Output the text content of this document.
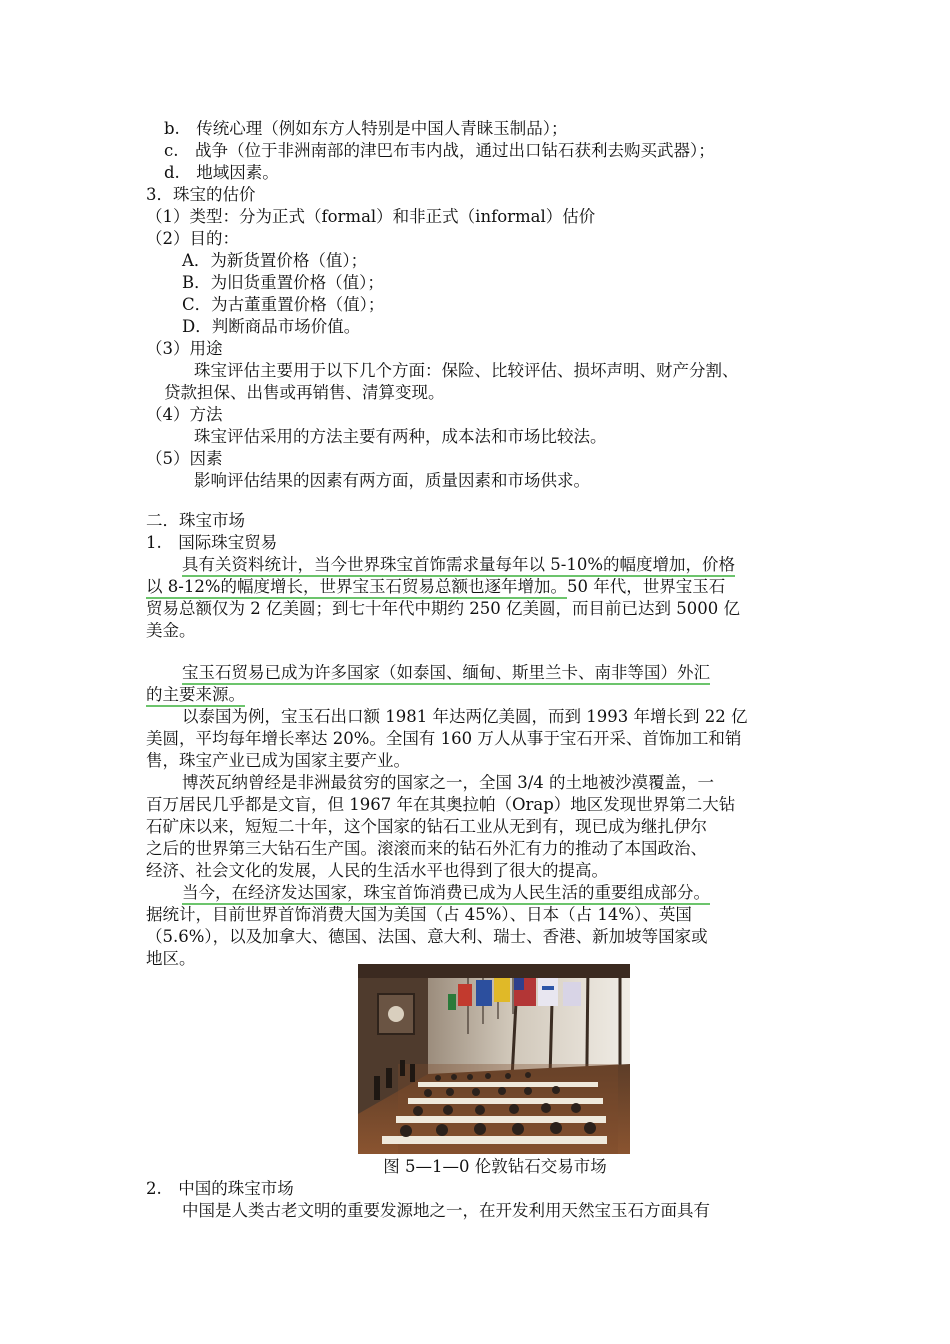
b.　传统心理（例如东方人特别是中国人青睐玉制品）；
c.　战争（位于非洲南部的津巴布韦内战，通过出口钻石获利去购买武器）；
d.　地域因素。
3．珠宝的估价
（1）类型：分为正式（formal）和非正式（informal）估价
（2）目的：
A．为新货置价格（值）；
B．为旧货重置价格（值）；
C．为古董重置价格（值）；
D．判断商品市场价值。
（3）用途
珠宝评估主要用于以下几个方面：保险、比较评估、损坏声明、财产分割、
贷款担保、出售或再销售、清算变现。
（4）方法
珠宝评估采用的方法主要有两种，成本法和市场比较法。
（5）因素
影响评估结果的因素有两方面，质量因素和市场供求。
二．珠宝市场
1.　国际珠宝贸易
具有关资料统计，当今世界珠宝首饰需求量每年以 5-10%的幅度增加，价格
以 8-12%的幅度增长，世界宝玉石贸易总额也逐年增加。50 年代，世界宝玉石
贸易总额仅为 2 亿美圆；到七十年代中期约 250 亿美圆，而目前已达到 5000 亿
美金。
宝玉石贸易已成为许多国家（如泰国、缅甸、斯里兰卡、南非等国）外汇
的主要来源。
以泰国为例，宝玉石出口额 1981 年达两亿美圆，而到 1993 年增长到 22 亿
美圆，平均每年增长率达 20%。全国有 160 万人从事于宝石开采、首饰加工和销
售，珠宝产业已成为国家主要产业。
博茨瓦纳曾经是非洲最贫穷的国家之一，全国 3/4 的土地被沙漠覆盖，一
百万居民几乎都是文盲，但 1967 年在其奥拉帕（Orap）地区发现世界第二大钻
石矿床以来，短短二十年，这个国家的钻石工业从无到有，现已成为继扎伊尔
之后的世界第三大钻石生产国。滚滚而来的钻石外汇有力的推动了本国政治、
经济、社会文化的发展，人民的生活水平也得到了很大的提高。
当今，在经济发达国家，珠宝首饰消费已成为人民生活的重要组成部分。
据统计，目前世界首饰消费大国为美国（占 45%）、日本（占 14%）、英国
（5.6%），以及加拿大、德国、法国、意大利、瑞士、香港、新加坡等国家或
地区。
图 5—1—0 伦敦钻石交易市场
2.　中国的珠宝市场
中国是人类古老文明的重要发源地之一，在开发利用天然宝玉石方面具有
